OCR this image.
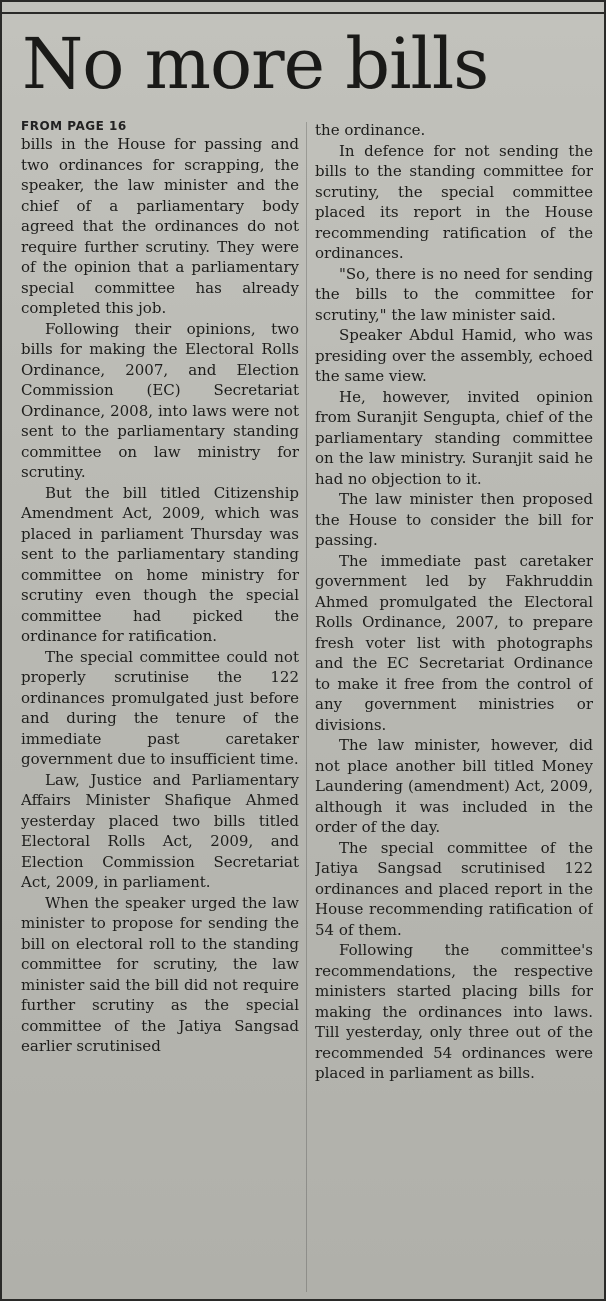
No more bills
FROM PAGE 16

bills in the House for passing and two ordinances for scrapping, the speaker, the law minister and the chief of a parliamentary body agreed that the ordinances do not require further scrutiny. They were of the opinion that a parliamentary special committee has already completed this job.

Following their opinions, two bills for making the Electoral Rolls Ordinance, 2007, and Election Commission (EC) Secretariat Ordinance, 2008, into laws were not sent to the parliamentary standing committee on law ministry for scrutiny.

But the bill titled Citizenship Amendment Act, 2009, which was placed in parliament Thursday was sent to the parliamentary standing committee on home ministry for scrutiny even though the special committee had picked the ordinance for ratification.

The special committee could not properly scrutinise the 122 ordinances promulgated just before and during the tenure of the immediate past caretaker government due to insufficient time.

Law, Justice and Parliamentary Affairs Minister Shafique Ahmed yesterday placed two bills titled Electoral Rolls Act, 2009, and Election Commission Secretariat Act, 2009, in parliament.

When the speaker urged the law minister to propose for sending the bill on electoral roll to the standing committee for scrutiny, the law minister said the bill did not require further scrutiny as the special committee of the Jatiya Sangsad earlier scrutinised

the ordinance.

In defence for not sending the bills to the standing committee for scrutiny, the special committee placed its report in the House recommending ratification of the ordinances.

"So, there is no need for sending the bills to the committee for scrutiny," the law minister said.

Speaker Abdul Hamid, who was presiding over the assembly, echoed the same view.

He, however, invited opinion from Suranjit Sengupta, chief of the parliamentary standing committee on the law ministry. Suranjit said he had no objection to it.

The law minister then proposed the House to consider the bill for passing.

The immediate past caretaker government led by Fakhruddin Ahmed promulgated the Electoral Rolls Ordinance, 2007, to prepare fresh voter list with photographs and the EC Secretariat Ordinance to make it free from the control of any government ministries or divisions.

The law minister, however, did not place another bill titled Money Laundering (amendment) Act, 2009, although it was included in the order of the day.

The special committee of the Jatiya Sangsad scrutinised 122 ordinances and placed report in the House recommending ratification of 54 of them.

Following the committee's recommendations, the respective ministers started placing bills for making the ordinances into laws. Till yesterday, only three out of the recommended 54 ordinances were placed in parliament as bills.
